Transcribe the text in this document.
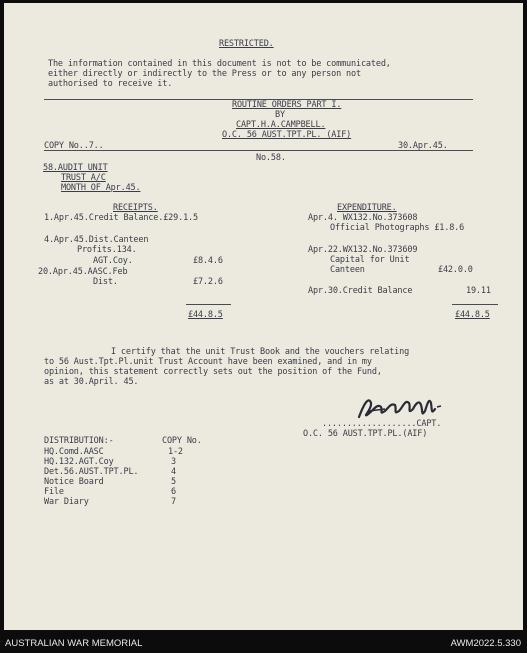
RESTRICTED.
The information contained in this document is not to be communicated,
either directly or indirectly to the Press or to any person not
authorised to receive it.
ROUTINE ORDERS PART I.
BY
CAPT.H.A.CAMPBELL.
O.C. 56 AUST.TPT.PL. (AIF)
COPY No..7..	30.Apr.45.
No.58.
58.AUDIT UNIT
TRUST A/C
MONTH OF Apr.45.
RECEIPTS.
1.Apr.45.Credit Balance.£29.1.5
4.Apr.45.Dist.Canteen
Profits.134.
AGT.Coy.	£8.4.6
20.Apr.45.AASC.Feb
Dist.	£7.2.6
£44.8.5
EXPENDITURE.
Apr.4. WX132.No.373608
Official Photographs £1.8.6
Apr.22.WX132.No.373609
Capital for Unit
Canteen	£42.0.0
Apr.30.Credit Balance	19.11
£44.8.5
I certify that the unit Trust Book and the vouchers relating
to 56 Aust.Tpt.Pl.unit Trust Account have been examined, and in my
opinion, this statement correctly sets out the position of the Fund,
as at 30.April. 45.
...................CAPT.
O.C. 56 AUST.TPT.PL.(AIF)
DISTRIBUTION:-	COPY No.
HQ.Comd.AASC	1-2
HQ.132.AGT.Coy	3
Det.56.AUST.TPT.PL.	4
Notice Board	5
File	6
War Diary	7
AUSTRALIAN WAR MEMORIAL	AWM2022.5.330
